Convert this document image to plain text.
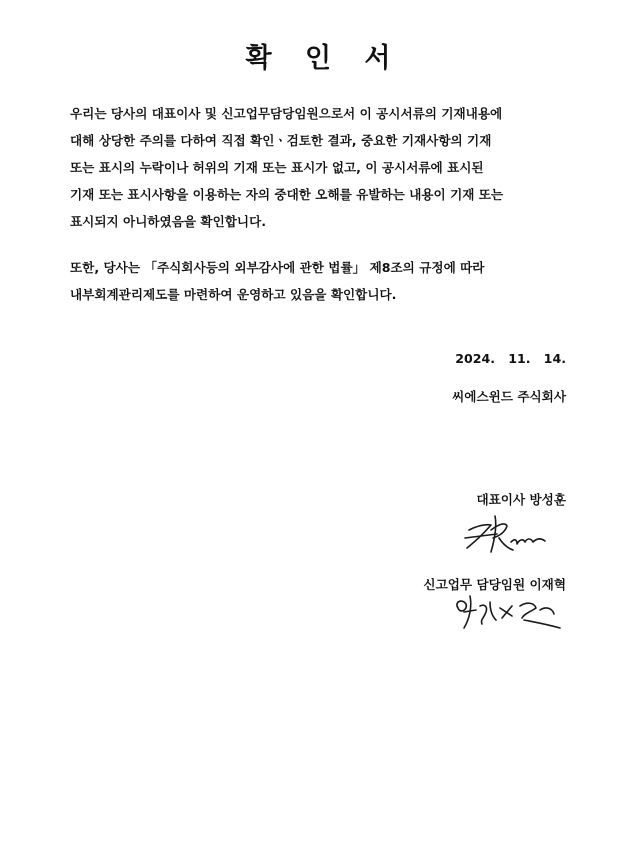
확 인 서
우리는 당사의 대표이사 및 신고업무담당임원으로서 이 공시서류의 기재내용에
대해 상당한 주의를 다하여 직접 확인ㆍ검토한 결과, 중요한 기재사항의 기재
또는 표시의 누락이나 허위의 기재 또는 표시가 없고, 이 공시서류에 표시된
기재 또는 표시사항을 이용하는 자의 중대한 오해를 유발하는 내용이 기재 또는
표시되지 아니하였음을 확인합니다.
또한, 당사는 「주식회사등의 외부감사에 관한 법률」 제8조의 규정에 따라
내부회계관리제도를 마련하여 운영하고 있음을 확인합니다.
2024.   11.   14.
씨에스윈드 주식회사
대표이사 방성훈
신고업무 담당임원 이재혁
